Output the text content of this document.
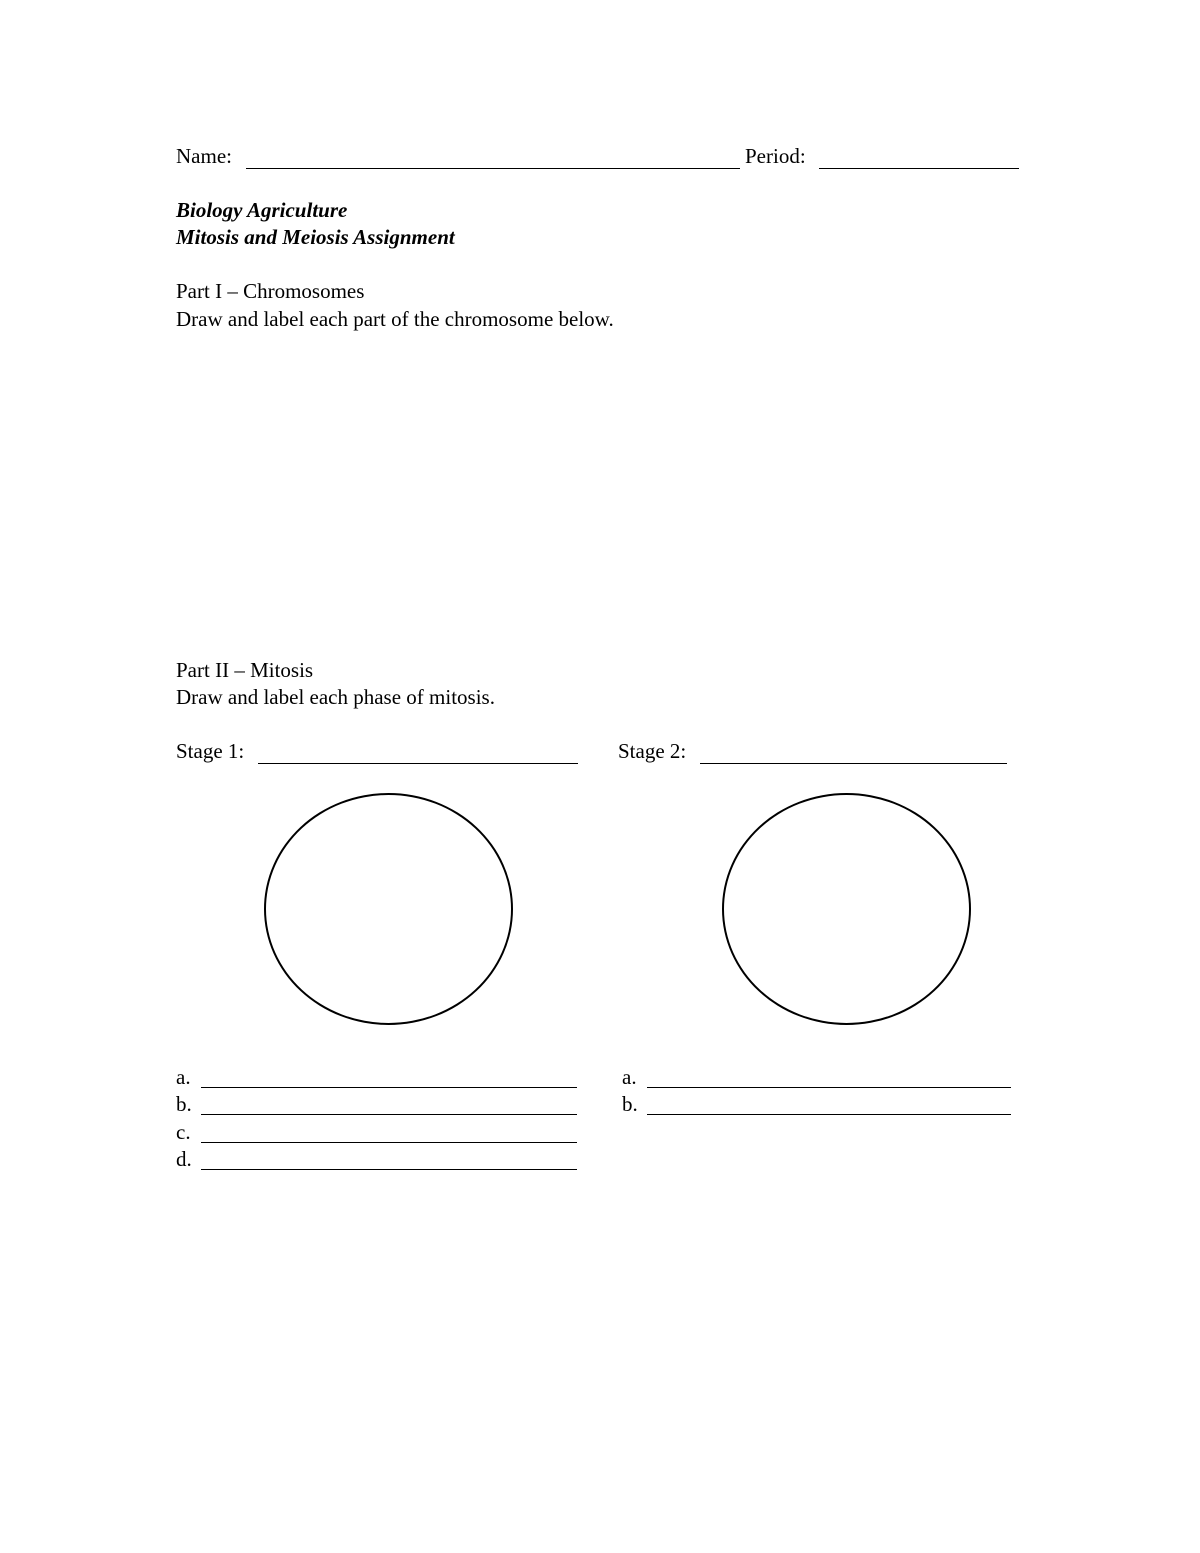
Name:	Period:
Biology Agriculture
Mitosis and Meiosis Assignment
Part I – Chromosomes
Draw and label each part of the chromosome below.
Part II – Mitosis
Draw and label each phase of mitosis.
Stage 1:	Stage 2:
a.
b.
c.
d.
a.
b.
